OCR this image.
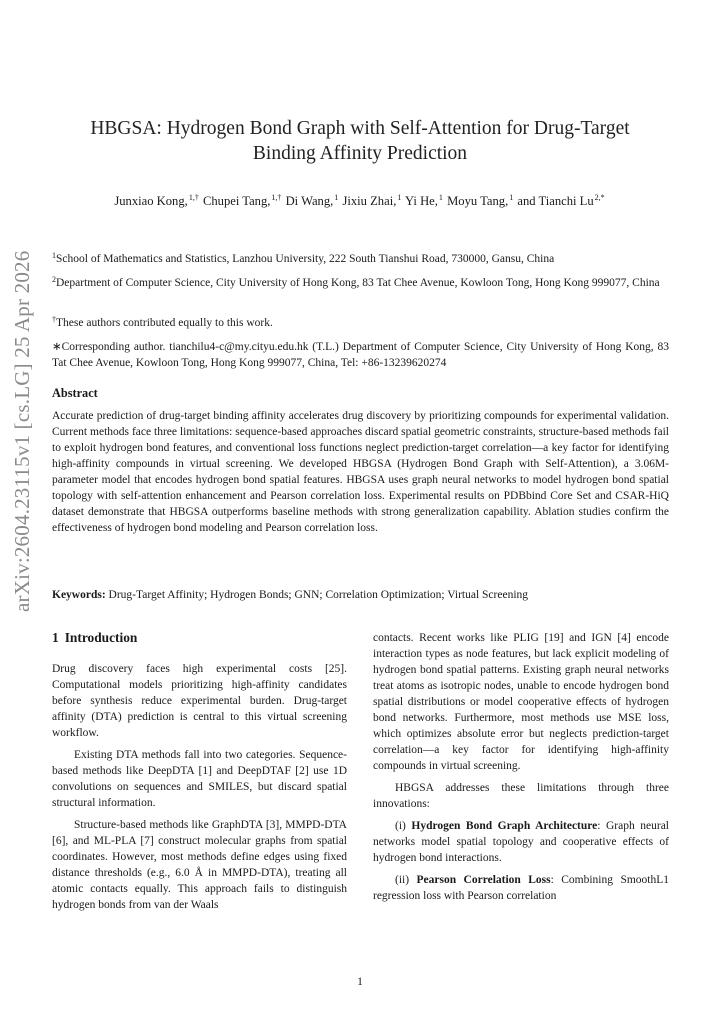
arXiv:2604.23115v1 [cs.LG] 25 Apr 2026
HBGSA: Hydrogen Bond Graph with Self-Attention for Drug-Target
Binding Affinity Prediction
Junxiao Kong,$^{1,\dagger}$ Chupei Tang,$^{1,\dagger}$ Di Wang,$^1$ Jixiu Zhai,$^1$ Yi He,$^1$ Moyu Tang,$^1$ and Tianchi $Lu^{2,*}$
$^1$School of Mathematics and Statistics, Lanzhou University, 222 South Tianshui Road, 730000, Gansu, China
$^2$Department of Computer Science, City University of Hong Kong, 83 Tat Chee Avenue, Kowloon Tong, Hong Kong 999077, China
†These authors contributed equally to this work.
∗Corresponding author. tianchilu4-c@my.cityu.edu.hk (T.L.) Department of Computer Science, City University of Hong Kong, 83 Tat Chee Avenue, Kowloon Tong, Hong Kong 999077, China, Tel: +86-13239620274
Abstract
Accurate prediction of drug-target binding affinity accelerates drug discovery by prioritizing compounds for experimental validation. Current methods face three limitations: sequence-based approaches discard spatial geometric constraints, structure-based methods fail to exploit hydrogen bond features, and conventional loss functions neglect prediction-target correlation—a key factor for identifying high-affinity compounds in virtual screening. We developed HBGSA (Hydrogen Bond Graph with Self-Attention), a 3.06M-parameter model that encodes hydrogen bond spatial features. HBGSA uses graph neural networks to model hydrogen bond spatial topology with self-attention enhancement and Pearson correlation loss. Experimental results on PDBbind Core Set and CSAR-HiQ dataset demonstrate that HBGSA outperforms baseline methods with strong generalization capability. Ablation studies confirm the effectiveness of hydrogen bond modeling and Pearson correlation loss.
Keywords: Drug-Target Affinity; Hydrogen Bonds; GNN; Correlation Optimization; Virtual Screening
1 Introduction

Drug discovery faces high experimental costs [25]. Computational models prioritizing high-affinity candidates before synthesis reduce experimental burden. Drug-target affinity (DTA) prediction is central to this virtual screening workflow.

Existing DTA methods fall into two categories. Sequence-based methods like DeepDTA [1] and DeepDTAF [2] use 1D convolutions on sequences and SMILES, but discard spatial structural information.

Structure-based methods like GraphDTA [3], MMPD-DTA [6], and ML-PLA [7] construct molecular graphs from spatial coordinates. However, most methods define edges using fixed distance thresholds (e.g., 6.0 Å in MMPD-DTA), treating all atomic contacts equally. This approach fails to distinguish hydrogen bonds from van der Waals

contacts. Recent works like PLIG [19] and IGN [4] encode interaction types as node features, but lack explicit modeling of hydrogen bond spatial patterns. Existing graph neural networks treat atoms as isotropic nodes, unable to encode hydrogen bond spatial distributions or model cooperative effects of hydrogen bond networks. Furthermore, most methods use MSE loss, which optimizes absolute error but neglects prediction-target correlation—a key factor for identifying high-affinity compounds in virtual screening.

HBGSA addresses these limitations through three innovations:

(i) Hydrogen Bond Graph Architecture: Graph neural networks model spatial topology and cooperative effects of hydrogen bond interactions.

(ii) Pearson Correlation Loss: Combining SmoothL1 regression loss with Pearson correlation

1
